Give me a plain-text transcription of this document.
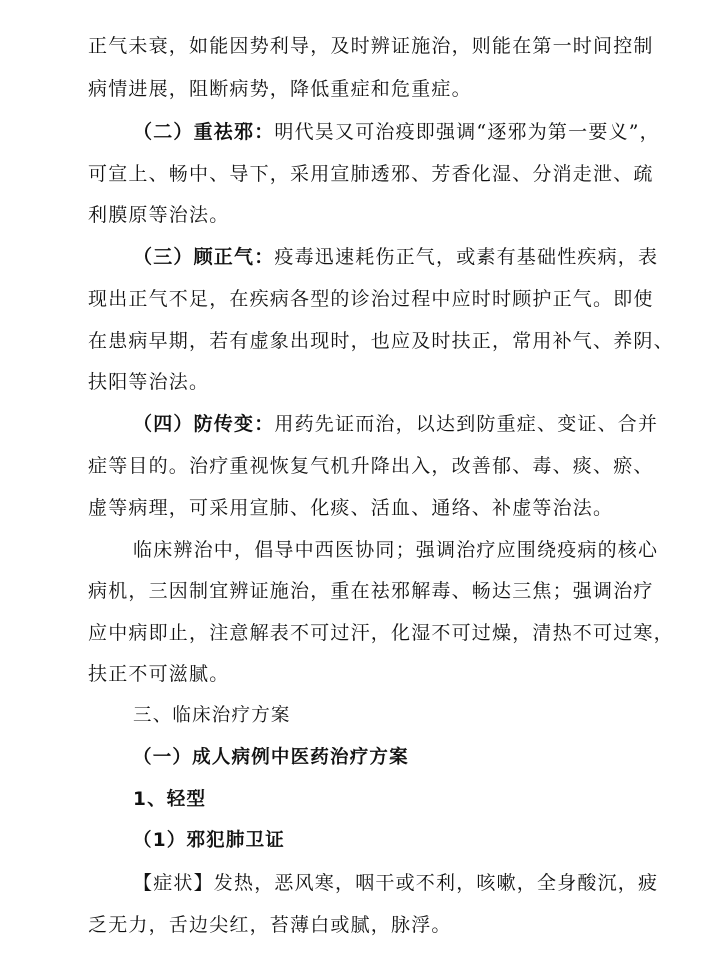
正气未衰，如能因势利导，及时辨证施治，则能在第一时间控制
病情进展，阻断病势，降低重症和危重症。
（二）重祛邪：明代吴又可治疫即强调“逐邪为第一要义”，
可宣上、畅中、导下，采用宣肺透邪、芳香化湿、分消走泄、疏
利膜原等治法。
（三）顾正气：疫毒迅速耗伤正气，或素有基础性疾病，表
现出正气不足，在疾病各型的诊治过程中应时时顾护正气。即使
在患病早期，若有虚象出现时，也应及时扶正，常用补气、养阴、
扶阳等治法。
（四）防传变：用药先证而治，以达到防重症、变证、合并
症等目的。治疗重视恢复气机升降出入，改善郁、毒、痰、瘀、
虚等病理，可采用宣肺、化痰、活血、通络、补虚等治法。
临床辨治中，倡导中西医协同；强调治疗应围绕疫病的核心
病机，三因制宜辨证施治，重在祛邪解毒、畅达三焦；强调治疗
应中病即止，注意解表不可过汗，化湿不可过燥，清热不可过寒，
扶正不可滋腻。
三、临床治疗方案
（一）成人病例中医药治疗方案
1、轻型
（1）邪犯肺卫证
【症状】发热，恶风寒，咽干或不利，咳嗽，全身酸沉，疲
乏无力，舌边尖红，苔薄白或腻，脉浮。
